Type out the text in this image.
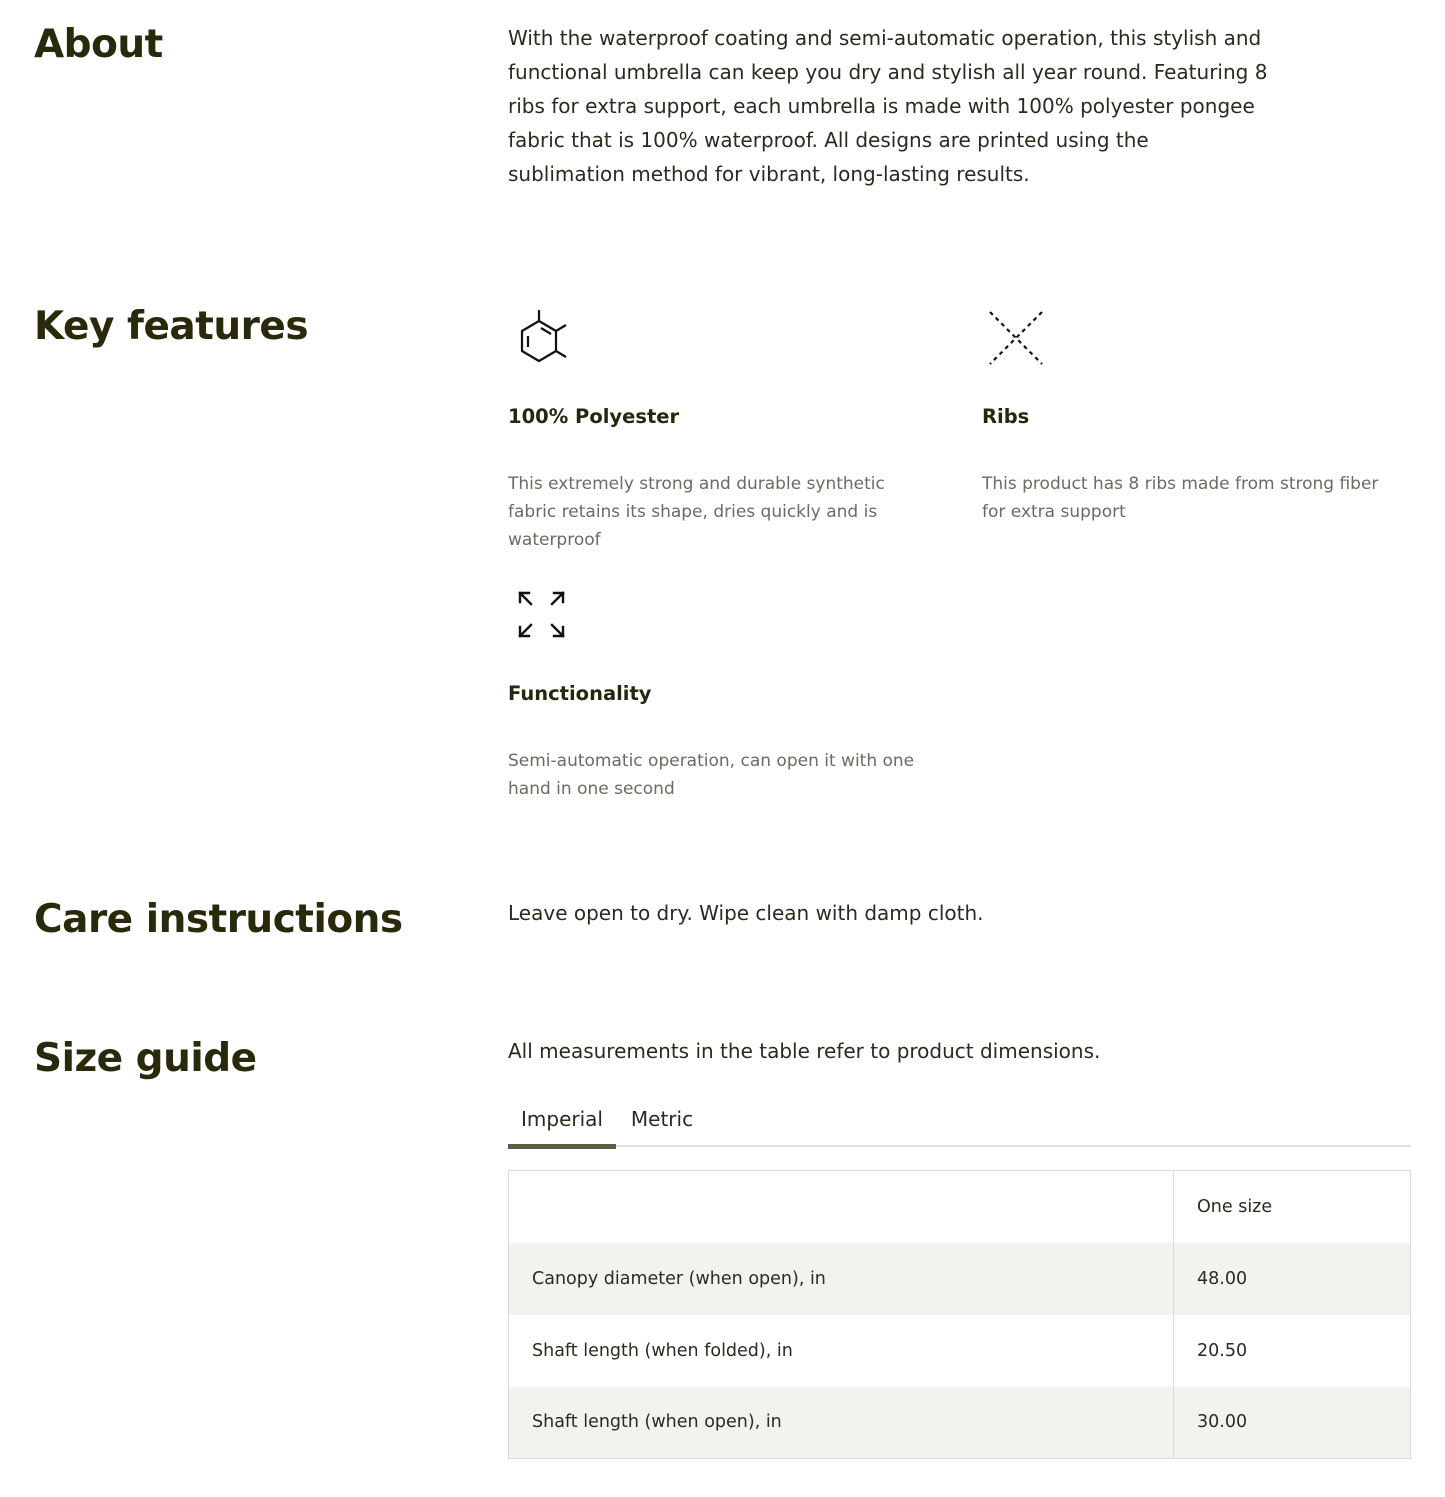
About	With the waterproof coating and semi-automatic operation, this stylish and functional umbrella can keep you dry and stylish all year round. Featuring 8 ribs for extra support, each umbrella is made with 100% polyester pongee fabric that is 100% waterproof. All designs are printed using the sublimation method for vibrant, long-lasting results.

Key features

100% Polyester

This extremely strong and durable synthetic fabric retains its shape, dries quickly and is waterproof

Ribs

This product has 8 ribs made from strong fiber for extra support

Functionality

Semi-automatic operation, can open it with one hand in one second

Care instructions	Leave open to dry. Wipe clean with damp cloth.

Size guide	All measurements in the table refer to product dimensions.

Imperial	Metric
	One size
Canopy diameter (when open), in	48.00
Shaft length (when folded), in	20.50
Shaft length (when open), in	30.00
